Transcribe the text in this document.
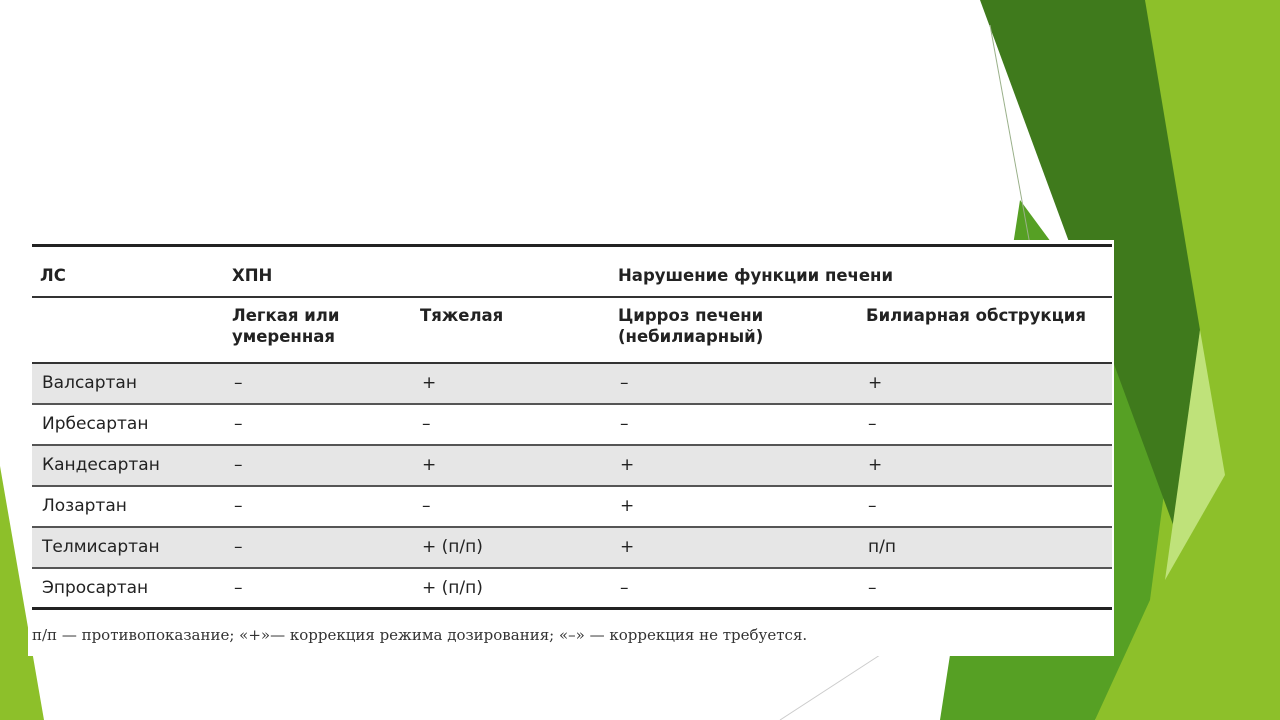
ЛС	ХПН		Нарушение функции печени	
	Легкая или умеренная	Тяжелая	Цирроз печени (небилиарный)	Билиарная обструкция
Валсартан	–	+	–	+
Ирбесартан	–	–	–	–
Кандесартан	–	+	+	+
Лозартан	–	–	+	–
Телмисартан	–	+ (п/п)	+	п/п
Эпросартан	–	+ (п/п)	–	–
п/п — противопоказание; «+»— коррекция режима дозирования; «–» — коррекция не требуется.
